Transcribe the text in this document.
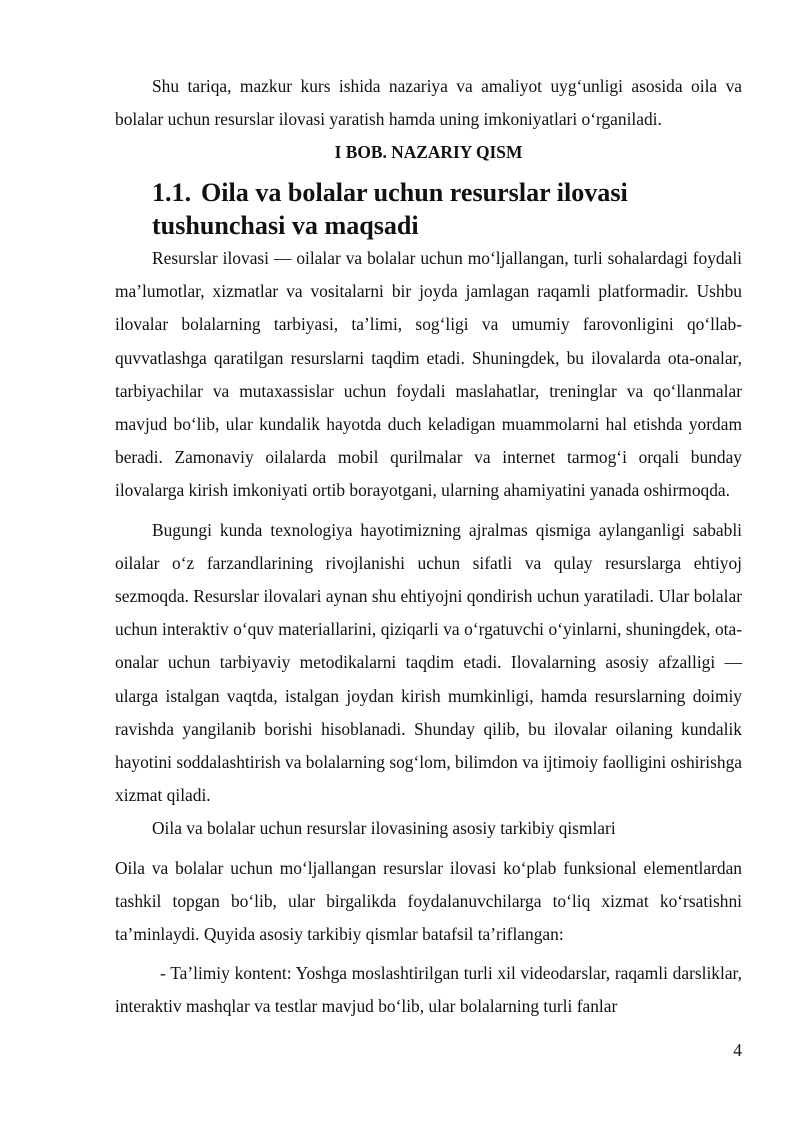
Shu tariqa, mazkur kurs ishida nazariya va amaliyot uyg‘unligi asosida oila va bolalar uchun resurslar ilovasi yaratish hamda uning imkoniyatlari o‘rganiladi.

I BOB. NAZARIY QISM
1.1. Oila va bolalar uchun resurslar ilovasi tushunchasi va maqsadi

Resurslar ilovasi — oilalar va bolalar uchun mo‘ljallangan, turli sohalardagi foydali ma’lumotlar, xizmatlar va vositalarni bir joyda jamlagan raqamli platformadir. Ushbu ilovalar bolalarning tarbiyasi, ta’limi, sog‘ligi va umumiy farovonligini qo‘llab-quvvatlashga qaratilgan resurslarni taqdim etadi. Shuningdek, bu ilovalarda ota-onalar, tarbiyachilar va mutaxassislar uchun foydali maslahatlar, treninglar va qo‘llanmalar mavjud bo‘lib, ular kundalik hayotda duch keladigan muammolarni hal etishda yordam beradi. Zamonaviy oilalarda mobil qurilmalar va internet tarmog‘i orqali bunday ilovalarga kirish imkoniyati ortib borayotgani, ularning ahamiyatini yanada oshirmoqda.

Bugungi kunda texnologiya hayotimizning ajralmas qismiga aylanganligi sababli oilalar o‘z farzandlarining rivojlanishi uchun sifatli va qulay resurslarga ehtiyoj sezmoqda. Resurslar ilovalari aynan shu ehtiyojni qondirish uchun yaratiladi. Ular bolalar uchun interaktiv o‘quv materiallarini, qiziqarli va o‘rgatuvchi o‘yinlarni, shuningdek, ota-onalar uchun tarbiyaviy metodikalarni taqdim etadi. Ilovalarning asosiy afzalligi — ularga istalgan vaqtda, istalgan joydan kirish mumkinligi, hamda resurslarning doimiy ravishda yangilanib borishi hisoblanadi. Shunday qilib, bu ilovalar oilaning kundalik hayotini soddalashtirish va bolalarning sog‘lom, bilimdon va ijtimoiy faolligini oshirishga xizmat qiladi.

Oila va bolalar uchun resurslar ilovasining asosiy tarkibiy qismlari

Oila va bolalar uchun mo‘ljallangan resurslar ilovasi ko‘plab funksional elementlardan tashkil topgan bo‘lib, ular birgalikda foydalanuvchilarga to‘liq xizmat ko‘rsatishni ta’minlaydi. Quyida asosiy tarkibiy qismlar batafsil ta’riflangan:

- Ta’limiy kontent: Yoshga moslashtirilgan turli xil videodarslar, raqamli darsliklar, interaktiv mashqlar va testlar mavjud bo‘lib, ular bolalarning turli fanlar

4
